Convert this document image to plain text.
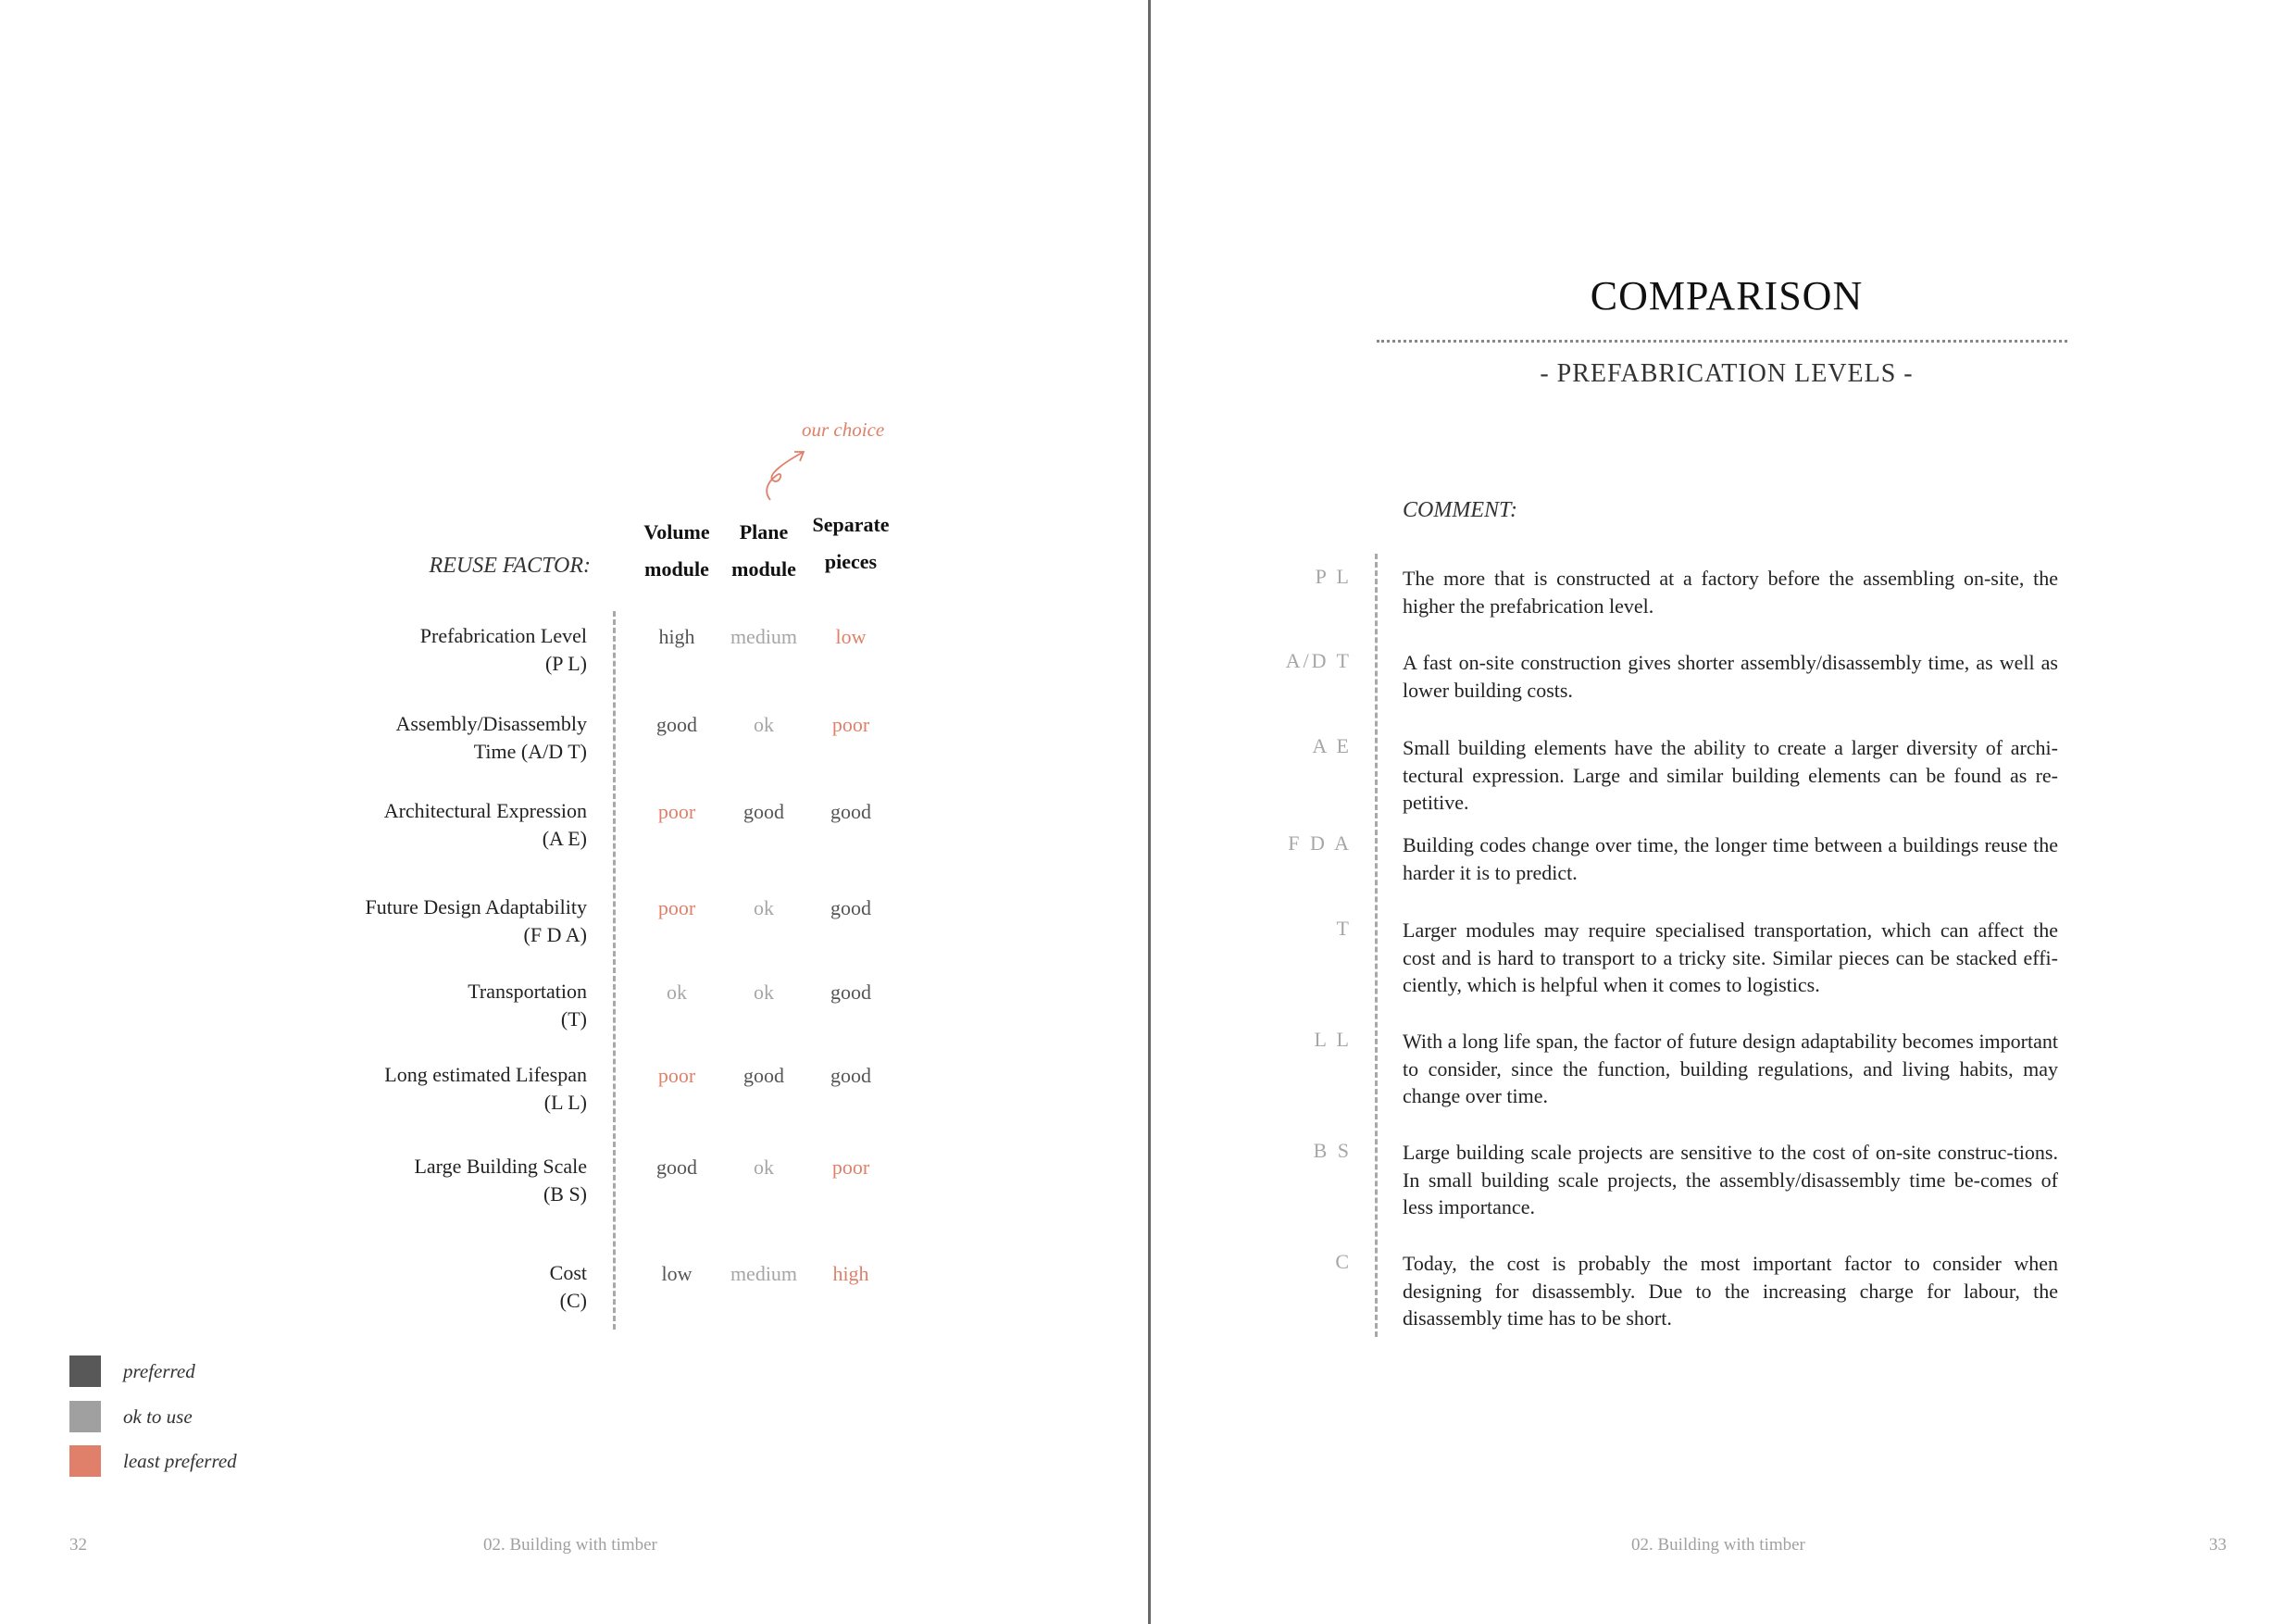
our choice
Volume
module
Plane
module
Separate
pieces
REUSE FACTOR:
Prefabrication Level
(P L)
high	medium	low
Assembly/Disassembly
Time (A/D T)
good	ok	poor
Architectural Expression
(A E)
poor	good	good
Future Design Adaptability
(F D A)
poor	ok	good
Transportation
(T)
ok	ok	good
Long estimated Lifespan
(L L)
poor	good	good
Large Building Scale
(B S)
good	ok	poor
Cost
(C)
low	medium	high
preferred
ok to use
least preferred
32	02. Building with timber
COMPARISON
- PREFABRICATION LEVELS -
COMMENT:
P L	The more that is constructed at a factory before the assembling on-site, the higher the prefabrication level.
A/D T	A fast on-site construction gives shorter assembly/disassembly time, as well as lower building costs.
A E	Small building elements have the ability to create a larger diversity of archi-tectural expression. Large and similar building elements can be found as re-petitive.
F D A	Building codes change over time, the longer time between a buildings reuse the harder it is to predict.
T	Larger modules may require specialised transportation, which can affect the cost and is hard to transport to a tricky site. Similar pieces can be stacked effi-ciently, which is helpful when it comes to logistics.
L L	With a long life span, the factor of future design adaptability becomes important to consider, since the function, building regulations, and living habits, may change over time.
B S	Large building scale projects are sensitive to the cost of on-site construc-tions. In small building scale projects, the assembly/disassembly time be-comes of less importance.
C	Today, the cost is probably the most important factor to consider when designing for disassembly. Due to the increasing charge for labour, the disassembly time has to be short.
02. Building with timber	33
